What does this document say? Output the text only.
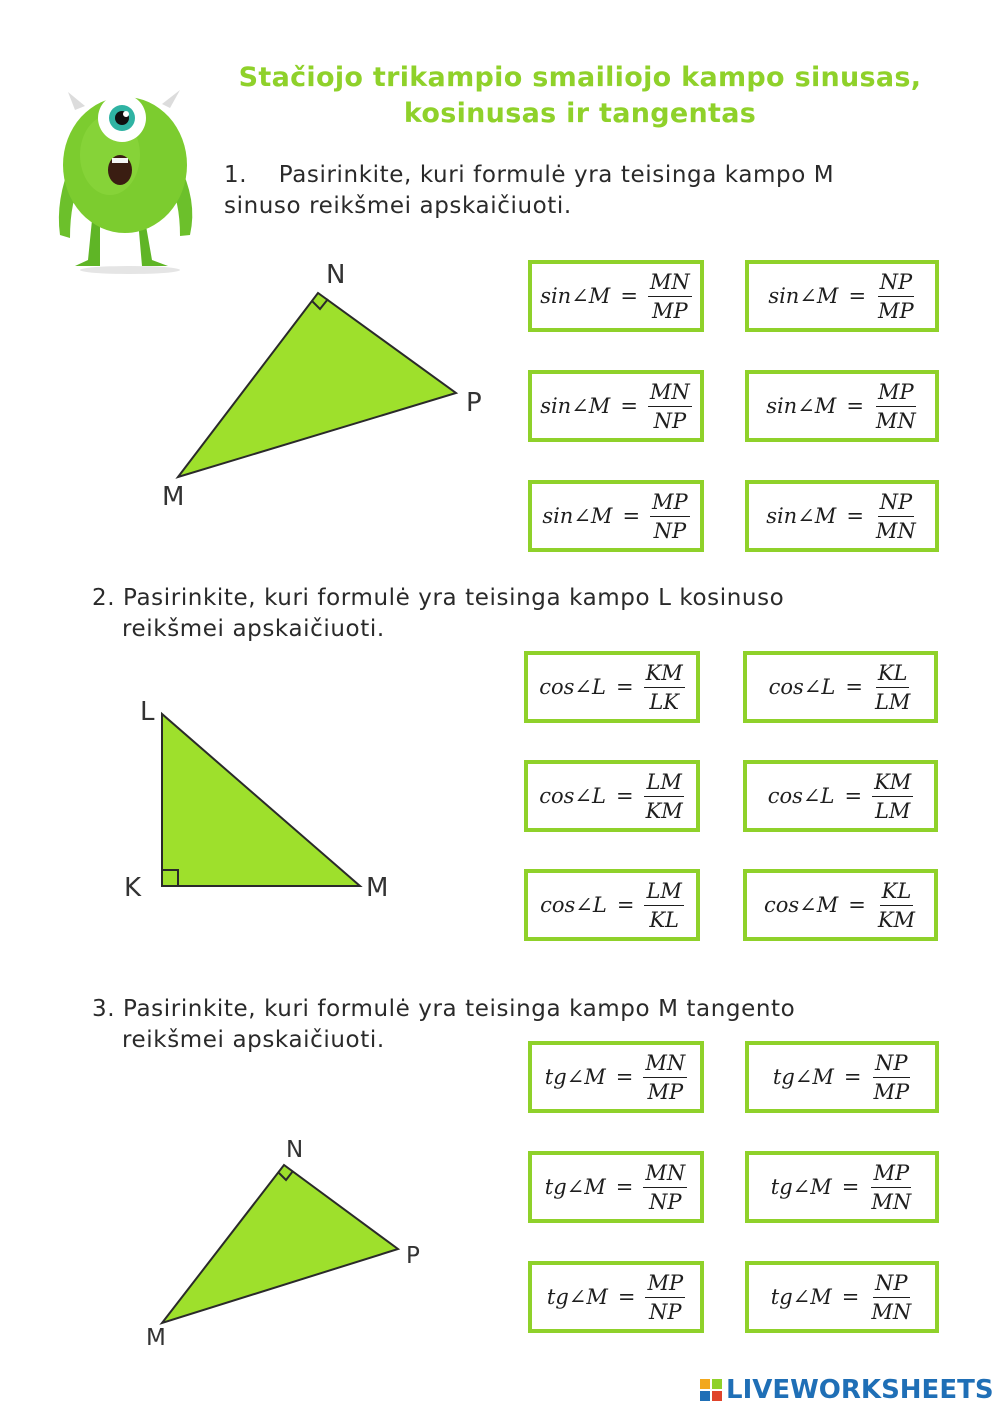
Stačiojo trikampio smailiojo kampo sinusas,
kosinusas ir tangentas
1.    Pasirinkite, kuri formulė yra teisinga kampo M
sinuso reikšmei apskaičiuoti.
N
P
M
sin∠M = $\frac{MN}{MP}$	sin∠M = $\frac{NP}{MP}$
sin∠M = $\frac{MN}{NP}$	sin∠M = $\frac{MP}{MN}$
sin∠M = $\frac{MP}{NP}$	sin∠M = $\frac{NP}{MN}$
2. Pasirinkite, kuri formulė yra teisinga kampo L kosinuso
reikšmei apskaičiuoti.
L
K	M
cos∠L = $\frac{KM}{LK}$	cos∠L = $\frac{KL}{LM}$
cos∠L = $\frac{LM}{KM}$	cos∠L = $\frac{KM}{LM}$
cos∠L = $\frac{LM}{KL}$	cos∠M = $\frac{KL}{KM}$
3. Pasirinkite, kuri formulė yra teisinga kampo M tangento
reikšmei apskaičiuoti.
N
P
M
tg∠M = $\frac{MN}{MP}$	tg∠M = $\frac{NP}{MP}$
tg∠M = $\frac{MN}{NP}$	tg∠M = $\frac{MP}{MN}$
tg∠M = $\frac{MP}{NP}$	tg∠M = $\frac{NP}{MN}$
LIVEWORKSHEETS
